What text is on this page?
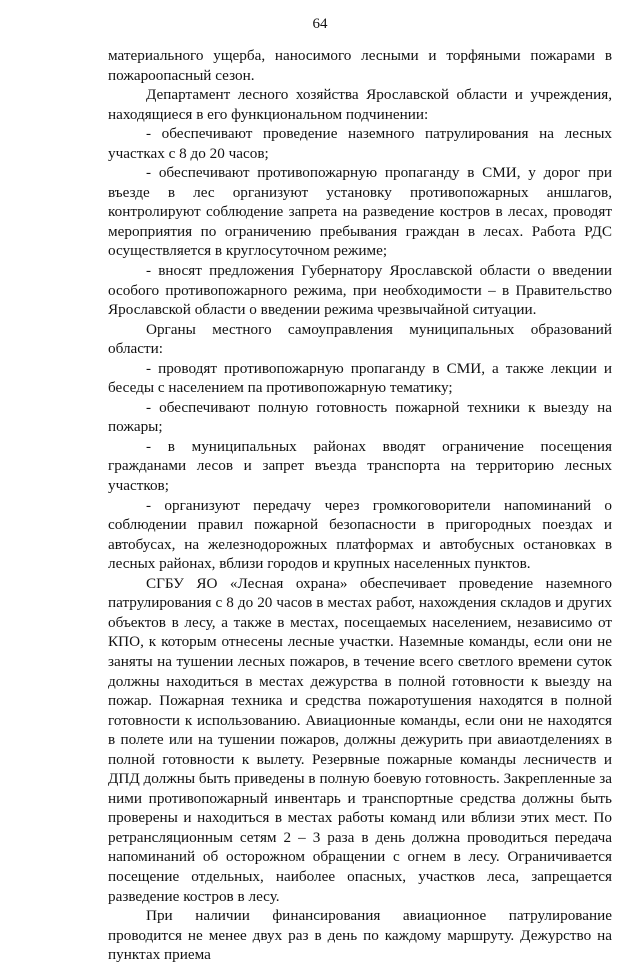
64

материального ущерба, наносимого лесными и торфяными пожарами в пожароопасный сезон.

Департамент лесного хозяйства Ярославской области и учреждения, находящиеся в его функциональном подчинении:

- обеспечивают проведение наземного патрулирования на лесных участках с 8 до 20 часов;

- обеспечивают противопожарную пропаганду в СМИ, у дорог при въезде в лес организуют установку противопожарных аншлагов, контролируют соблюдение запрета на разведение костров в лесах, проводят мероприятия по ограничению пребывания граждан в лесах. Работа РДС осуществляется в круглосуточном режиме;

- вносят предложения Губернатору Ярославской области о введении особого противопожарного режима, при необходимости – в Правительство Ярославской области о введении режима чрезвычайной ситуации.

Органы местного самоуправления муниципальных образований области:

- проводят противопожарную пропаганду в СМИ, а также лекции и беседы с населением па противопожарную тематику;

- обеспечивают полную готовность пожарной техники к выезду на пожары;

- в муниципальных районах вводят ограничение посещения гражданами лесов и запрет въезда транспорта на территорию лесных участков;

- организуют передачу через громкоговорители напоминаний о соблюдении правил пожарной безопасности в пригородных поездах и автобусах, на железнодорожных платформах и автобусных остановках в лесных районах, вблизи городов и крупных населенных пунктов.

СГБУ ЯО «Лесная охрана» обеспечивает проведение наземного патрулирования с 8 до 20 часов в местах работ, нахождения складов и других объектов в лесу, а также в местах, посещаемых населением, независимо от КПО, к которым отнесены лесные участки. Наземные команды, если они не заняты на тушении лесных пожаров, в течение всего светлого времени суток должны находиться в местах дежурства в полной готовности к выезду на пожар. Пожарная техника и средства пожаротушения находятся в полной готовности к использованию. Авиационные команды, если они не находятся в полете или на тушении пожаров, должны дежурить при авиаотделениях в полной готовности к вылету. Резервные пожарные команды лесничеств и ДПД должны быть приведены в полную боевую готовность. Закрепленные за ними противопожарный инвентарь и транспортные средства должны быть проверены и находиться в местах работы команд или вблизи этих мест. По ретрансляционным сетям 2 – 3 раза в день должна проводиться передача напоминаний об осторожном обращении с огнем в лесу. Ограничивается посещение отдельных, наиболее опасных, участков леса, запрещается разведение костров в лесу.

При наличии финансирования авиационное патрулирование проводится не менее двух раз в день по каждому маршруту. Дежурство на пунктах приема
